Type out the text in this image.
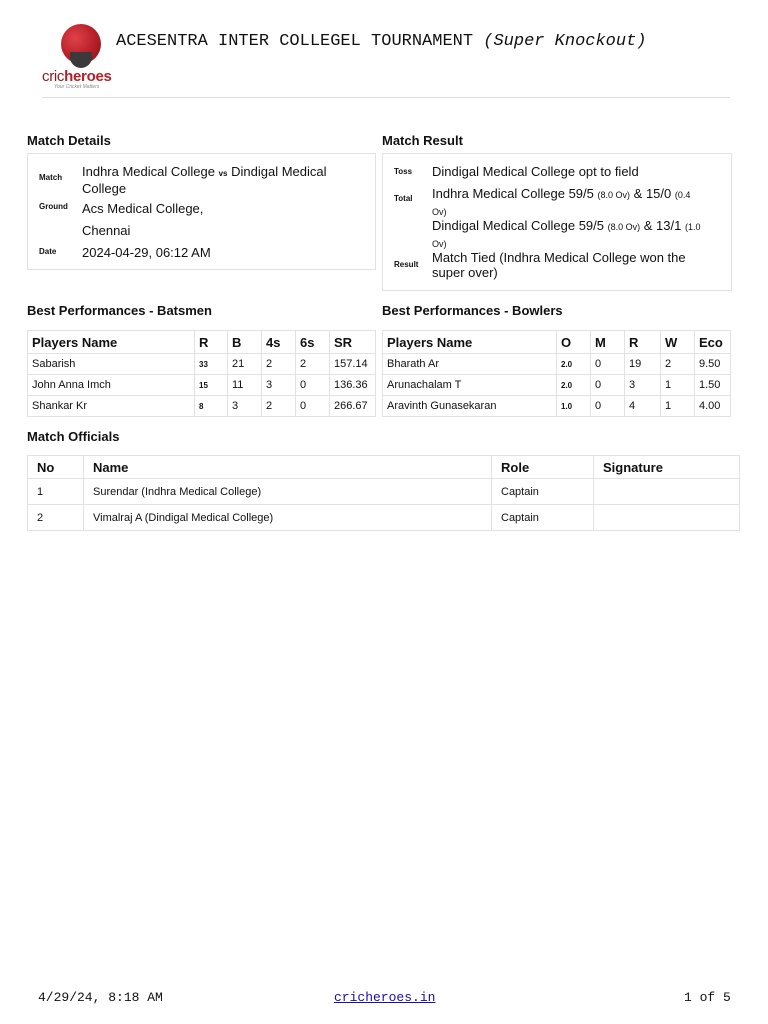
cricheroes
Your Cricket Matters
ACESENTRA INTER COLLEGEL TOURNAMENT (Super Knockout)
Match Details
Match Indhra Medical College vs Dindigal Medical
College
Ground Acs Medical College,
Chennai
Date 2024-04-29, 06:12 AM
Match Result
Toss Dindigal Medical College opt to field
Total Indhra Medical College 59/5 (8.0 Ov) & 15/0 (0.4
Ov)
Dindigal Medical College 59/5 (8.0 Ov) & 13/1 (1.0
Ov)
Result Match Tied (Indhra Medical College won the
super over)
Best Performances - Batsmen
Players Name	R	B	4s	6s	SR
Sabarish	33	21	2	2	157.14
John Anna Imch	15	11	3	0	136.36
Shankar Kr	8	3	2	0	266.67
Best Performances - Bowlers
Players Name	O	M	R	W	Eco
Bharath Ar	2.0	0	19	2	9.50
Arunachalam T	2.0	0	3	1	1.50
Aravinth Gunasekaran	1.0	0	4	1	4.00
Match Officials
No	Name	Role	Signature
1	Surendar (Indhra Medical College)	Captain	
2	Vimalraj A (Dindigal Medical College)	Captain	
4/29/24, 8:18 AM	cricheroes.in	1 of 5
